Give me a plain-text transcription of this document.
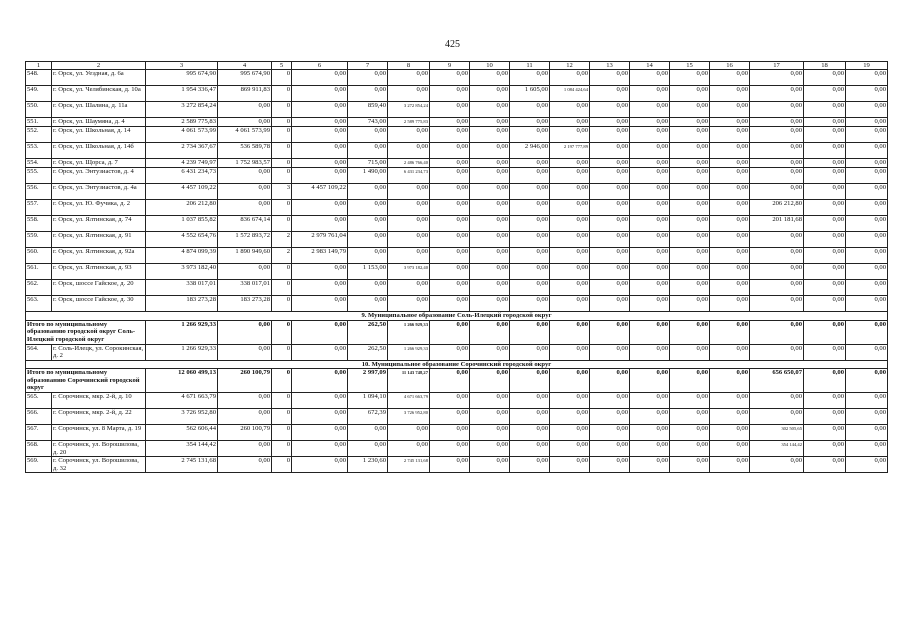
425
1	2	3	4	5	6	7	8	9	10	11	12	13	14	15	16	17	18	19
548.	г. Орск, ул. Уездная, д. 6а	995 674,90	995 674,90	0	0,00	0,00	0,00	0,00	0,00	0,00	0,00	0,00	0,00	0,00	0,00	0,00	0,00	0,00
549.	г. Орск, ул. Челябинская, д. 10а	1 954 336,47	869 911,83	0	0,00	0,00	0,00	0,00	0,00	1 605,00	1 084 424,64	0,00	0,00	0,00	0,00	0,00	0,00	0,00
550.	г. Орск, ул. Шалина, д. 11а	3 272 854,24	0,00	0	0,00	859,40	3 272 854,24	0,00	0,00	0,00	0,00	0,00	0,00	0,00	0,00	0,00	0,00	0,00
551.	г. Орск, ул. Шаумяна, д. 4	2 589 775,83	0,00	0	0,00	743,00	2 589 775,83	0,00	0,00	0,00	0,00	0,00	0,00	0,00	0,00	0,00	0,00	0,00
552.	г. Орск, ул. Школьная, д. 14	4 061 573,99	4 061 573,99	0	0,00	0,00	0,00	0,00	0,00	0,00	0,00	0,00	0,00	0,00	0,00	0,00	0,00	0,00
553.	г. Орск, ул. Школьная, д. 14б	2 734 367,67	536 589,78	0	0,00	0,00	0,00	0,00	0,00	2 946,00	2 197 777,89	0,00	0,00	0,00	0,00	0,00	0,00	0,00
554.	г. Орск, ул. Щорса, д. 7	4 239 749,97	1 752 983,57	0	0,00	715,00	2 486 766,40	0,00	0,00	0,00	0,00	0,00	0,00	0,00	0,00	0,00	0,00	0,00
555.	г. Орск, ул. Энтузиастов, д. 4	6 431 234,73	0,00	0	0,00	1 490,00	6 431 234,73	0,00	0,00	0,00	0,00	0,00	0,00	0,00	0,00	0,00	0,00	0,00
556.	г. Орск, ул. Энтузиастов, д. 4а	4 457 109,22	0,00	3	4 457 109,22	0,00	0,00	0,00	0,00	0,00	0,00	0,00	0,00	0,00	0,00	0,00	0,00	0,00
557.	г. Орск, ул. Ю. Фучика, д. 2	206 212,80	0,00	0	0,00	0,00	0,00	0,00	0,00	0,00	0,00	0,00	0,00	0,00	0,00	206 212,80	0,00	0,00
558.	г. Орск, ул. Ялтинская, д. 74	1 037 855,82	836 674,14	0	0,00	0,00	0,00	0,00	0,00	0,00	0,00	0,00	0,00	0,00	0,00	201 181,68	0,00	0,00
559.	г. Орск, ул. Ялтинская, д. 91	4 552 654,76	1 572 893,72	2	2 979 761,04	0,00	0,00	0,00	0,00	0,00	0,00	0,00	0,00	0,00	0,00	0,00	0,00	0,00
560.	г. Орск, ул. Ялтинская, д. 92а	4 874 099,39	1 890 949,60	2	2 983 149,79	0,00	0,00	0,00	0,00	0,00	0,00	0,00	0,00	0,00	0,00	0,00	0,00	0,00
561.	г. Орск, ул. Ялтинская, д. 93	3 973 182,40	0,00	0	0,00	1 153,00	3 973 182,40	0,00	0,00	0,00	0,00	0,00	0,00	0,00	0,00	0,00	0,00	0,00
562.	г. Орск, шоссе Гайское, д. 20	338 017,01	338 017,01	0	0,00	0,00	0,00	0,00	0,00	0,00	0,00	0,00	0,00	0,00	0,00	0,00	0,00	0,00
563.	г. Орск, шоссе Гайское, д. 30	183 273,28	183 273,28	0	0,00	0,00	0,00	0,00	0,00	0,00	0,00	0,00	0,00	0,00	0,00	0,00	0,00	0,00
9. Муниципальное образование Соль-Илецкий городской округ																		
Итого по муниципальному образованию городской округ Соль-Илецкий городской округ		1 266 929,33	0,00	0	0,00	262,50	1 266 929,33	0,00	0,00	0,00	0,00	0,00	0,00	0,00	0,00	0,00	0,00	0,00
564.	г. Соль-Илецк, ул. Сорокинская, д. 2	1 266 929,33	0,00	0	0,00	262,50	1 266 929,33	0,00	0,00	0,00	0,00	0,00	0,00	0,00	0,00	0,00	0,00	0,00
10. Муниципальное образование Сорочинский городской округ																		
Итого по муниципальному образованию Сорочинский городской округ		12 060 499,13	260 100,79	0	0,00	2 997,09	11 143 748,27	0,00	0,00	0,00	0,00	0,00	0,00	0,00	0,00	656 650,07	0,00	0,00
565.	г. Сорочинск, мкр. 2-й, д. 10	4 671 663,79	0,00	0	0,00	1 094,10	4 671 663,79	0,00	0,00	0,00	0,00	0,00	0,00	0,00	0,00	0,00	0,00	0,00
566.	г. Сорочинск, мкр. 2-й, д. 22	3 726 952,80	0,00	0	0,00	672,39	3 726 952,80	0,00	0,00	0,00	0,00	0,00	0,00	0,00	0,00	0,00	0,00	0,00
567.	г. Сорочинск, ул. 8 Марта, д. 19	562 606,44	260 100,79	0	0,00	0,00	0,00	0,00	0,00	0,00	0,00	0,00	0,00	0,00	0,00	302 505,65	0,00	0,00
568.	г. Сорочинск, ул. Ворошилова, д. 20	354 144,42	0,00	0	0,00	0,00	0,00	0,00	0,00	0,00	0,00	0,00	0,00	0,00	0,00	354 144,42	0,00	0,00
569.	г. Сорочинск, ул. Ворошилова, д. 32	2 745 131,68	0,00	0	0,00	1 230,60	2 745 131,68	0,00	0,00	0,00	0,00	0,00	0,00	0,00	0,00	0,00	0,00	0,00
